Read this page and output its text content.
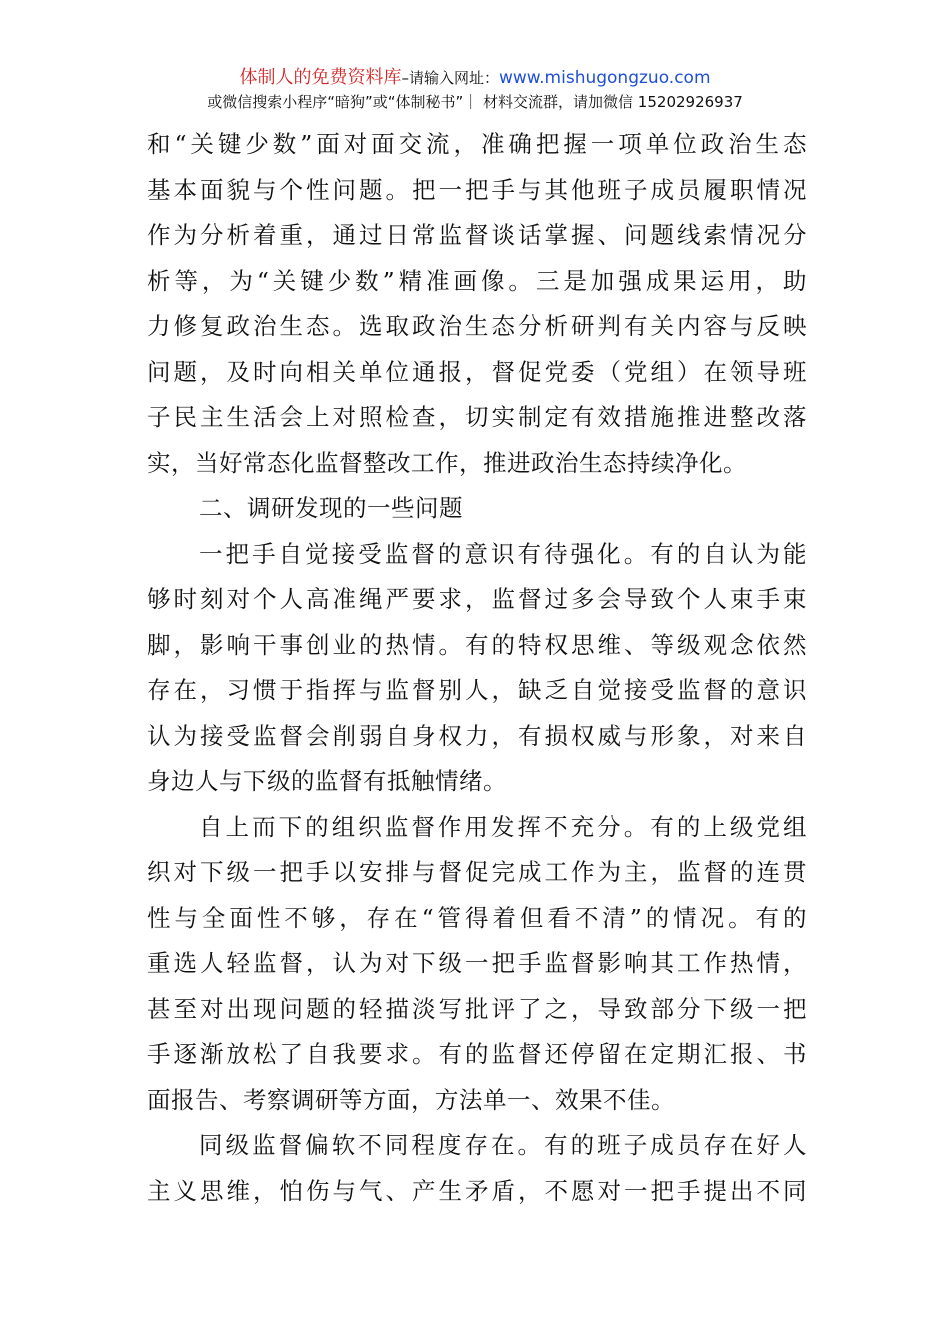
体制人的免费资料库–请输入网址：www.mishugongzuo.com
或微信搜索小程序“暗狗”或“体制秘书”｜ 材料交流群，请加微信 15202926937
和“关键少数”面对面交流，准确把握一项单位政治生态
基本面貌与个性问题。把一把手与其他班子成员履职情况
作为分析着重，通过日常监督谈话掌握、问题线索情况分
析等，为“关键少数”精准画像。三是加强成果运用，助
力修复政治生态。选取政治生态分析研判有关内容与反映
问题，及时向相关单位通报，督促党委（党组）在领导班
子民主生活会上对照检查，切实制定有效措施推进整改落
实，当好常态化监督整改工作，推进政治生态持续净化。
二、调研发现的一些问题
一把手自觉接受监督的意识有待强化。有的自认为能
够时刻对个人高准绳严要求，监督过多会导致个人束手束
脚，影响干事创业的热情。有的特权思维、等级观念依然
存在，习惯于指挥与监督别人，缺乏自觉接受监督的意识
认为接受监督会削弱自身权力，有损权威与形象，对来自
身边人与下级的监督有抵触情绪。
自上而下的组织监督作用发挥不充分。有的上级党组
织对下级一把手以安排与督促完成工作为主，监督的连贯
性与全面性不够，存在“管得着但看不清”的情况。有的
重选人轻监督，认为对下级一把手监督影响其工作热情，
甚至对出现问题的轻描淡写批评了之，导致部分下级一把
手逐渐放松了自我要求。有的监督还停留在定期汇报、书
面报告、考察调研等方面，方法单一、效果不佳。
同级监督偏软不同程度存在。有的班子成员存在好人
主义思维，怕伤与气、产生矛盾，不愿对一把手提出不同
